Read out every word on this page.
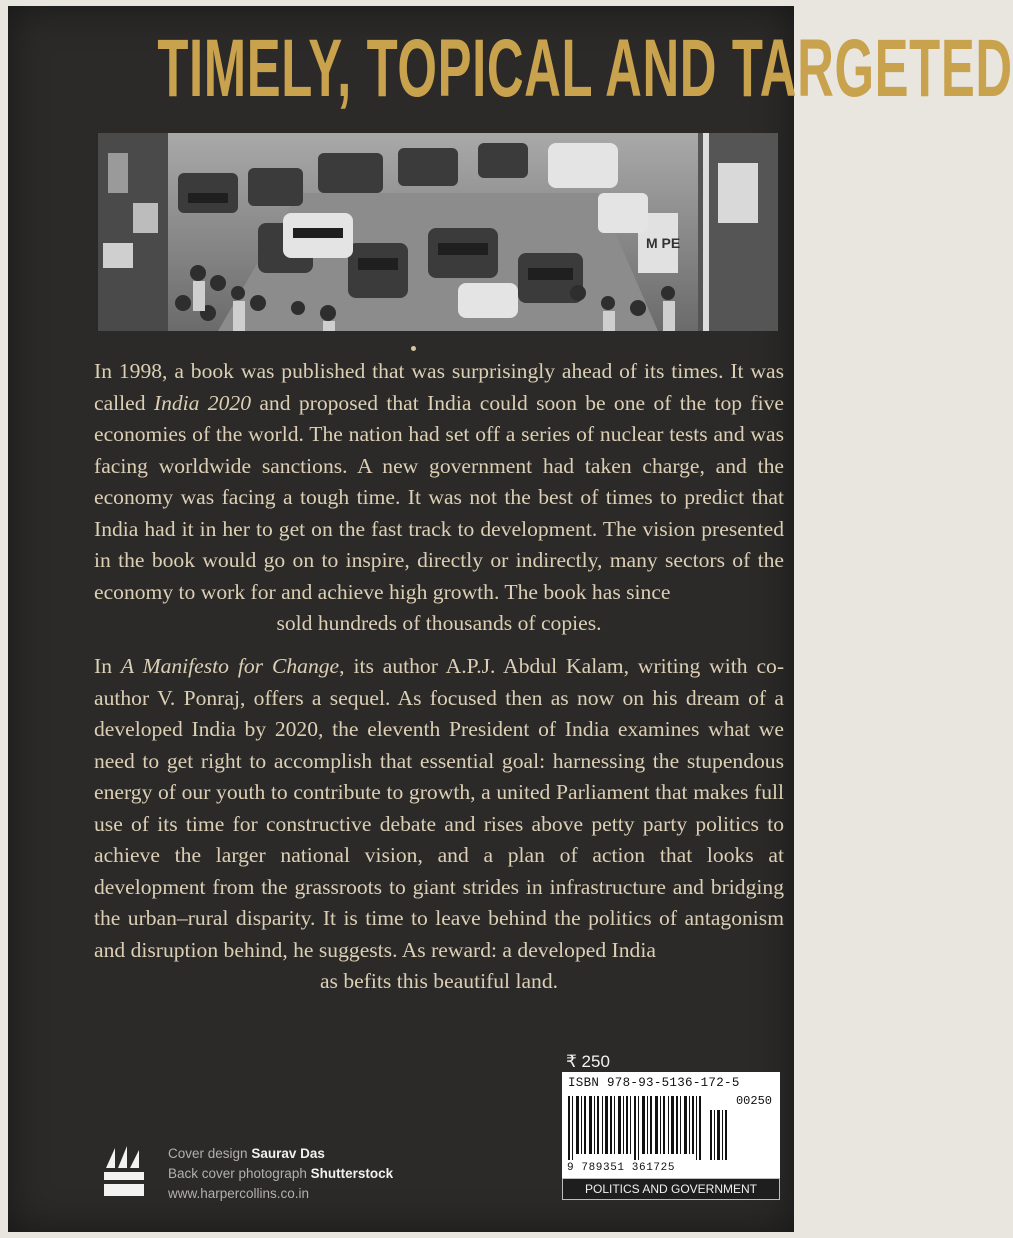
TIMELY, TOPICAL AND TARGETED
M PE

In 1998, a book was published that was surprisingly ahead of its times. It was called India 2020 and proposed that India could soon be one of the top five economies of the world. The nation had set off a series of nuclear tests and was facing worldwide sanctions. A new government had taken charge, and the economy was facing a tough time. It was not the best of times to predict that India had it in her to get on the fast track to development. The vision presented in the book would go on to inspire, directly or indirectly, many sectors of the economy to work for and achieve high growth. The book has since
sold hundreds of thousands of copies.

In A Manifesto for Change, its author A.P.J. Abdul Kalam, writing with co-author V. Ponraj, offers a sequel. As focused then as now on his dream of a developed India by 2020, the eleventh President of India examines what we need to get right to accomplish that essential goal: harnessing the stupendous energy of our youth to contribute to growth, a united Parliament that makes full use of its time for constructive debate and rises above petty party politics to achieve the larger national vision, and a plan of action that looks at development from the grassroots to giant strides in infrastructure and bridging the urban–rural disparity. It is time to leave behind the politics of antagonism and disruption behind, he suggests. As reward: a developed India
as befits this beautiful land.

₹ 250
ISBN 978-93-5136-172-5
00250
9 789351 361725
POLITICS AND GOVERNMENT
Cover design Saurav Das
Back cover photograph Shutterstock
www.harpercollins.co.in
